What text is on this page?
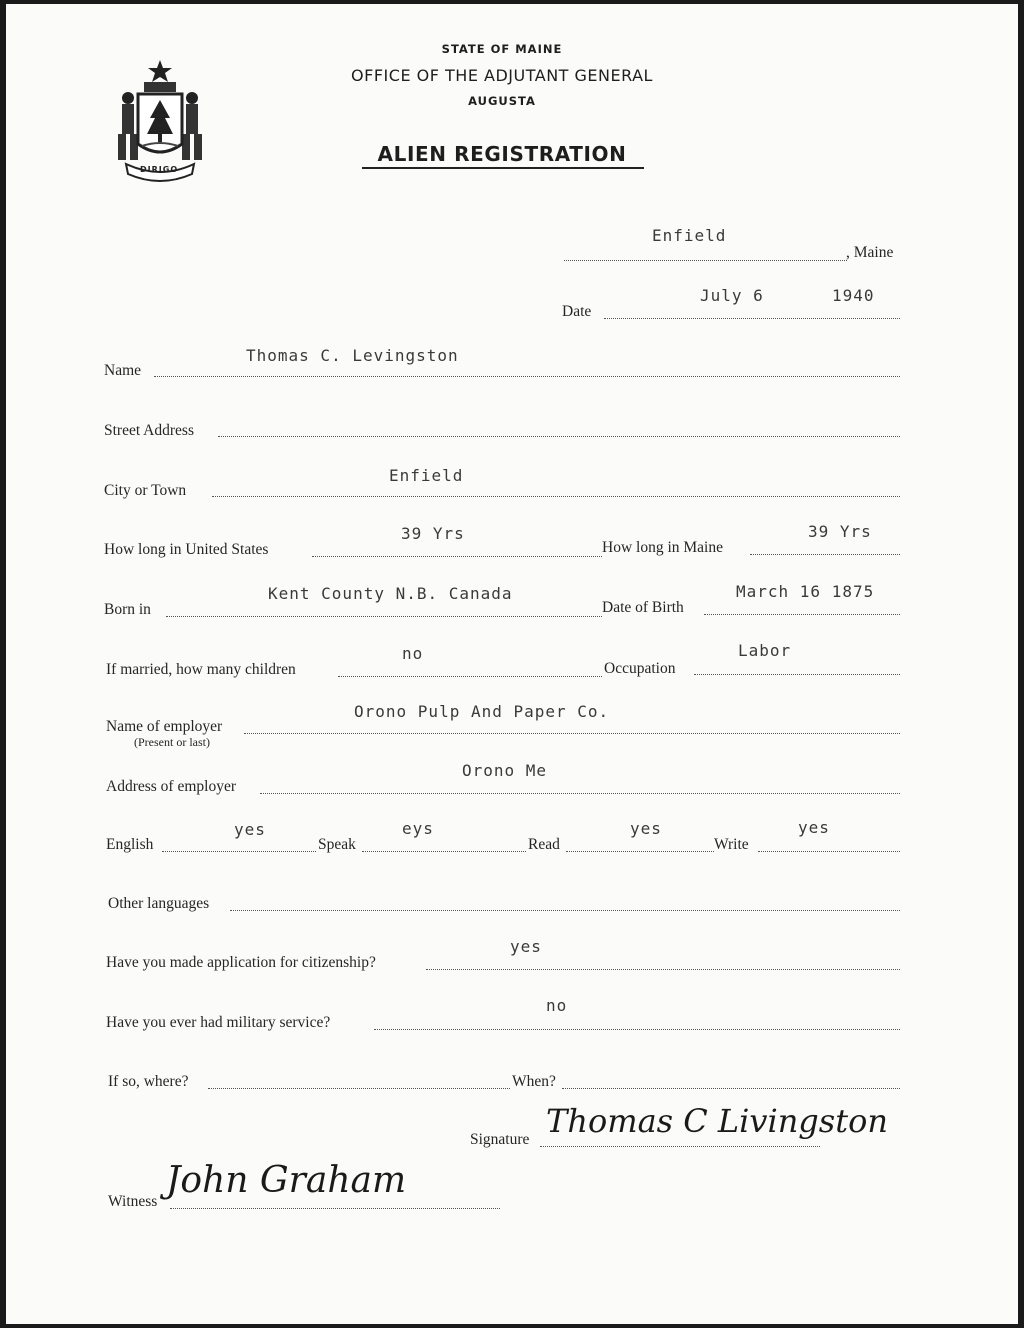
DIRIGO
STATE OF MAINE
OFFICE OF THE ADJUTANT GENERAL
AUGUSTA
ALIEN REGISTRATION
Enfield
, Maine
Date
July 6	1940
Name
Thomas C. Levingston
Street Address
City or Town
Enfield
How long in United States
39 Yrs
How long in Maine
39 Yrs
Born in
Kent County N.B. Canada
Date of Birth
March 16 1875
If married, how many children
no
Occupation
Labor
Name of employer
(Present or last)
Orono Pulp And Paper Co.
Address of employer
Orono Me
English
yes
Speak
eys
Read
yes
Write
yes
Other languages
Have you made application for citizenship?
yes
Have you ever had military service?
no
If so, where?	When?
Signature Thomas C Livingston
Witness
John Graham
